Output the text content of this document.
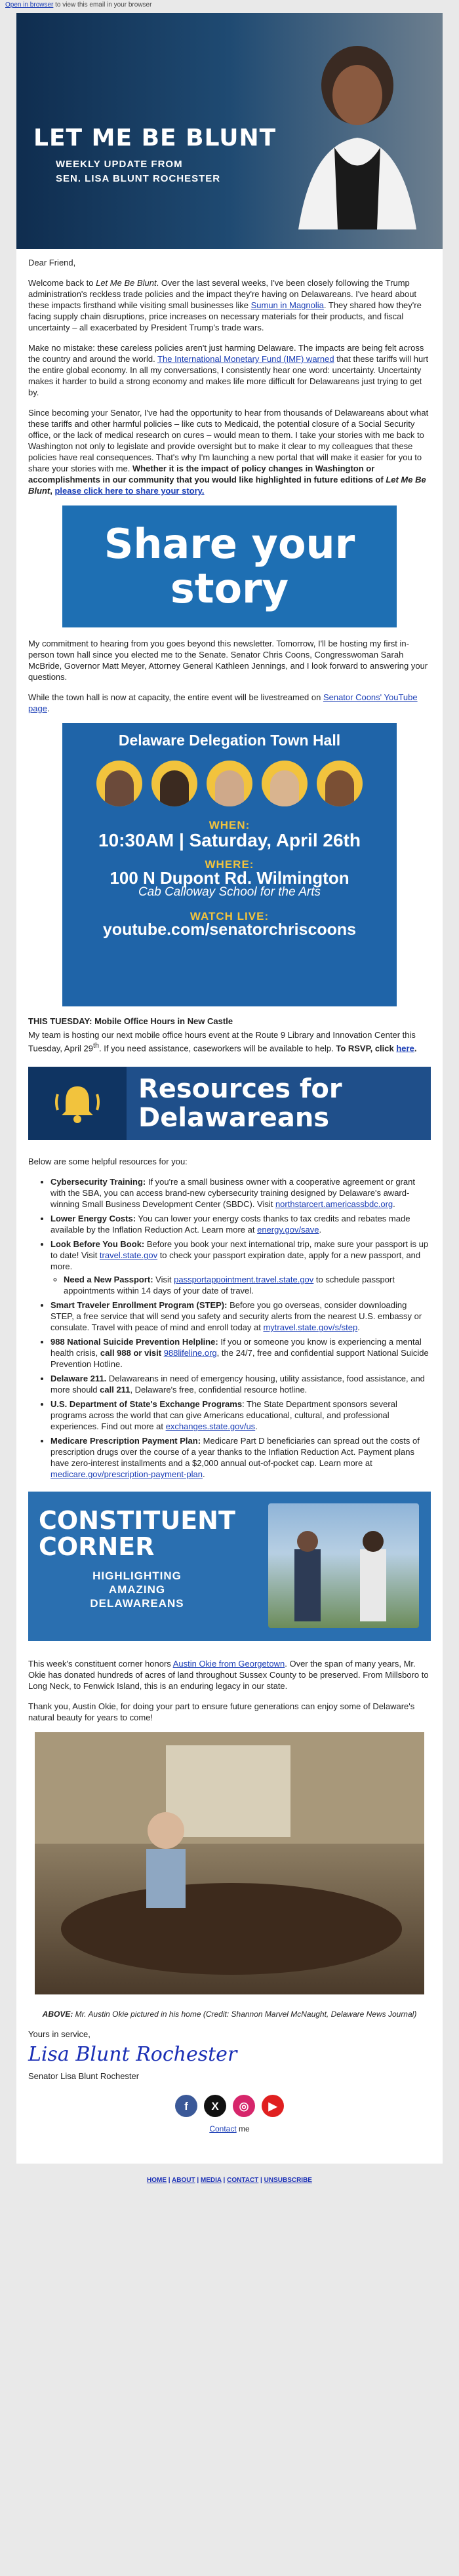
Open in browser to view this email in your browser
LET ME BE BLUNT
WEEKLY UPDATE FROM
SEN. LISA BLUNT ROCHESTER

Dear Friend,

Welcome back to Let Me Be Blunt. Over the last several weeks, I've been closely following the Trump administration's reckless trade policies and the impact they're having on Delawareans. I've heard about these impacts firsthand while visiting small businesses like Sumun in Magnolia. They shared how they're facing supply chain disruptions, price increases on necessary materials for their products, and fiscal uncertainty – all exacerbated by President Trump's trade wars.

Make no mistake: these careless policies aren't just harming Delaware. The impacts are being felt across the country and around the world. The International Monetary Fund (IMF) warned that these tariffs will hurt the entire global economy. In all my conversations, I consistently hear one word: uncertainty. Uncertainty makes it harder to build a strong economy and makes life more difficult for Delawareans just trying to get by.

Since becoming your Senator, I've had the opportunity to hear from thousands of Delawareans about what these tariffs and other harmful policies – like cuts to Medicaid, the potential closure of a Social Security office, or the lack of medical research on cures – would mean to them. I take your stories with me back to Washington not only to legislate and provide oversight but to make it clear to my colleagues that these policies have real consequences. That's why I'm launching a new portal that will make it easier for you to share your stories with me. Whether it is the impact of policy changes in Washington or accomplishments in our community that you would like highlighted in future editions of Let Me Be Blunt, please click here to share your story.

Share your
story

My commitment to hearing from you goes beyond this newsletter. Tomorrow, I'll be hosting my first in-person town hall since you elected me to the Senate. Senator Chris Coons, Congresswoman Sarah McBride, Governor Matt Meyer, Attorney General Kathleen Jennings, and I look forward to answering your questions.

While the town hall is now at capacity, the entire event will be livestreamed on Senator Coons' YouTube page.

Delaware Delegation Town Hall
WHEN:
10:30AM | Saturday, April 26th
WHERE:
100 N Dupont Rd. Wilmington
Cab Calloway School for the Arts
WATCH LIVE:
youtube.com/senatorchriscoons

THIS TUESDAY: Mobile Office Hours in New Castle

My team is hosting our next mobile office hours event at the Route 9 Library and Innovation Center this Tuesday, April 29th. If you need assistance, caseworkers will be available to help. To RSVP, click here.

Resources for
Delawareans

Below are some helpful resources for you:

• Cybersecurity Training: If you're a small business owner with a cooperative agreement or grant with the SBA, you can access brand-new cybersecurity training designed by Delaware's award-winning Small Business Development Center (SBDC). Visit northstarcert.americassbdc.org.
• Lower Energy Costs: You can lower your energy costs thanks to tax credits and rebates made available by the Inflation Reduction Act. Learn more at energy.gov/save.
• Look Before You Book: Before you book your next international trip, make sure your passport is up to date! Visit travel.state.gov to check your passport expiration date, apply for a new passport, and more.
◦ Need a New Passport: Visit passportappointment.travel.state.gov to schedule passport appointments within 14 days of your date of travel.
• Smart Traveler Enrollment Program (STEP): Before you go overseas, consider downloading STEP, a free service that will send you safety and security alerts from the nearest U.S. embassy or consulate. Travel with peace of mind and enroll today at mytravel.state.gov/s/step.
• 988 National Suicide Prevention Helpline: If you or someone you know is experiencing a mental health crisis, call 988 or visit 988lifeline.org, the 24/7, free and confidential support National Suicide Prevention Hotline.
• Delaware 211. Delawareans in need of emergency housing, utility assistance, food assistance, and more should call 211, Delaware's free, confidential resource hotline.
• U.S. Department of State's Exchange Programs: The State Department sponsors several programs across the world that can give Americans educational, cultural, and professional experiences. Find out more at exchanges.state.gov/us.
• Medicare Prescription Payment Plan: Medicare Part D beneficiaries can spread out the costs of prescription drugs over the course of a year thanks to the Inflation Reduction Act. Payment plans have zero-interest installments and a $2,000 annual out-of-pocket cap. Learn more at medicare.gov/prescription-payment-plan.
CONSTITUENT
CORNER
HIGHLIGHTING
AMAZING
DELAWAREANS

This week's constituent corner honors Austin Okie from Georgetown. Over the span of many years, Mr. Okie has donated hundreds of acres of land throughout Sussex County to be preserved. From Millsboro to Long Neck, to Fenwick Island, this is an enduring legacy in our state.

Thank you, Austin Okie, for doing your part to ensure future generations can enjoy some of Delaware's natural beauty for years to come!

ABOVE: Mr. Austin Okie pictured in his home (Credit: Shannon Marvel McNaught, Delaware News Journal)

Yours in service,

Lisa Blunt Rochester

Senator Lisa Blunt Rochester

f	X	◎	▶
Contact me
HOME | ABOUT | MEDIA | CONTACT | UNSUBSCRIBE
